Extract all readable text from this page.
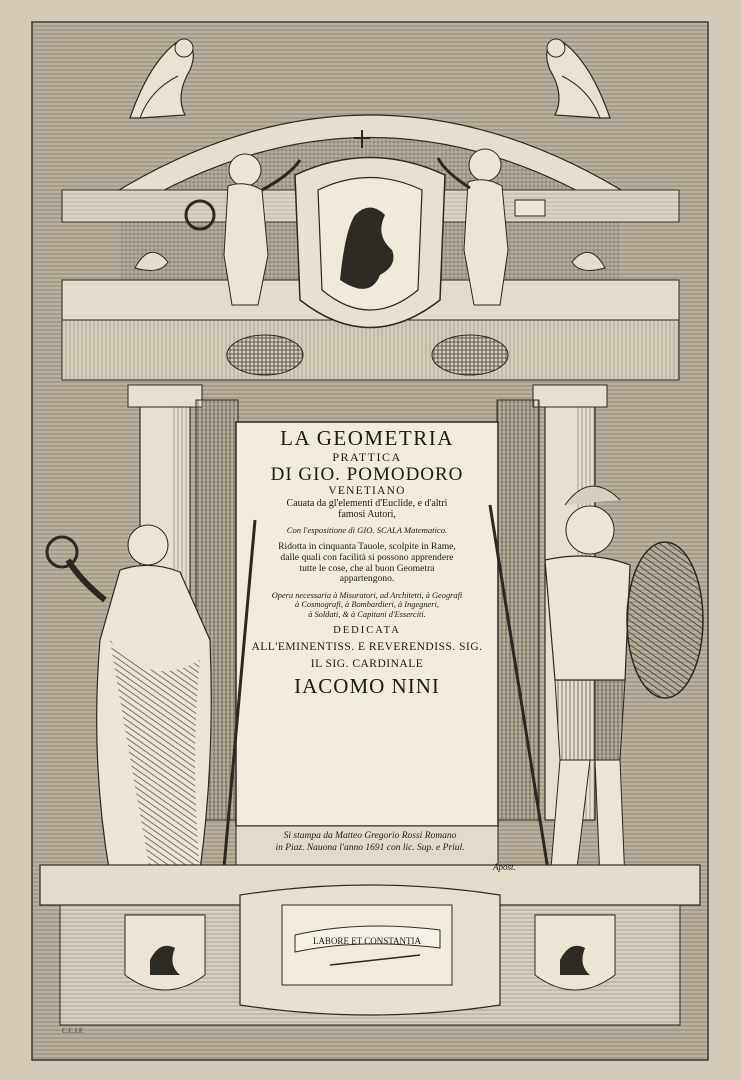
LABORE ET CONSTANTIA
LA GEOMETRIA
PRATTICA
DI GIO. POMODORO
VENETIANO
Cauata da gl'elementi d'Euclide, e d'altri
famosi Autori,
Con l'espositione di GIO. SCALA Matematico.
Ridotta in cinquanta Tauole, scolpite in Rame,
dalle quali con facilità si possono apprendere
tutte le cose, che al buon Geometra
appartengono.
Opera necessaria à Misuratori, ad Architetti, à Geografi
à Cosmografi, à Bombardieri, à Ingegneri,
à Soldati, & à Capitani d'Esserciti.
DEDICATA
ALL'EMINENTISS. E REVERENDISS. SIG.
IL SIG. CARDINALE
IACOMO NINI
Si stampa da Matteo Gregorio Rossi Romano
in Piaz. Nauona l'anno 1691 con lic. Sup. e Priul.
Apost.
C.C.I.F.
